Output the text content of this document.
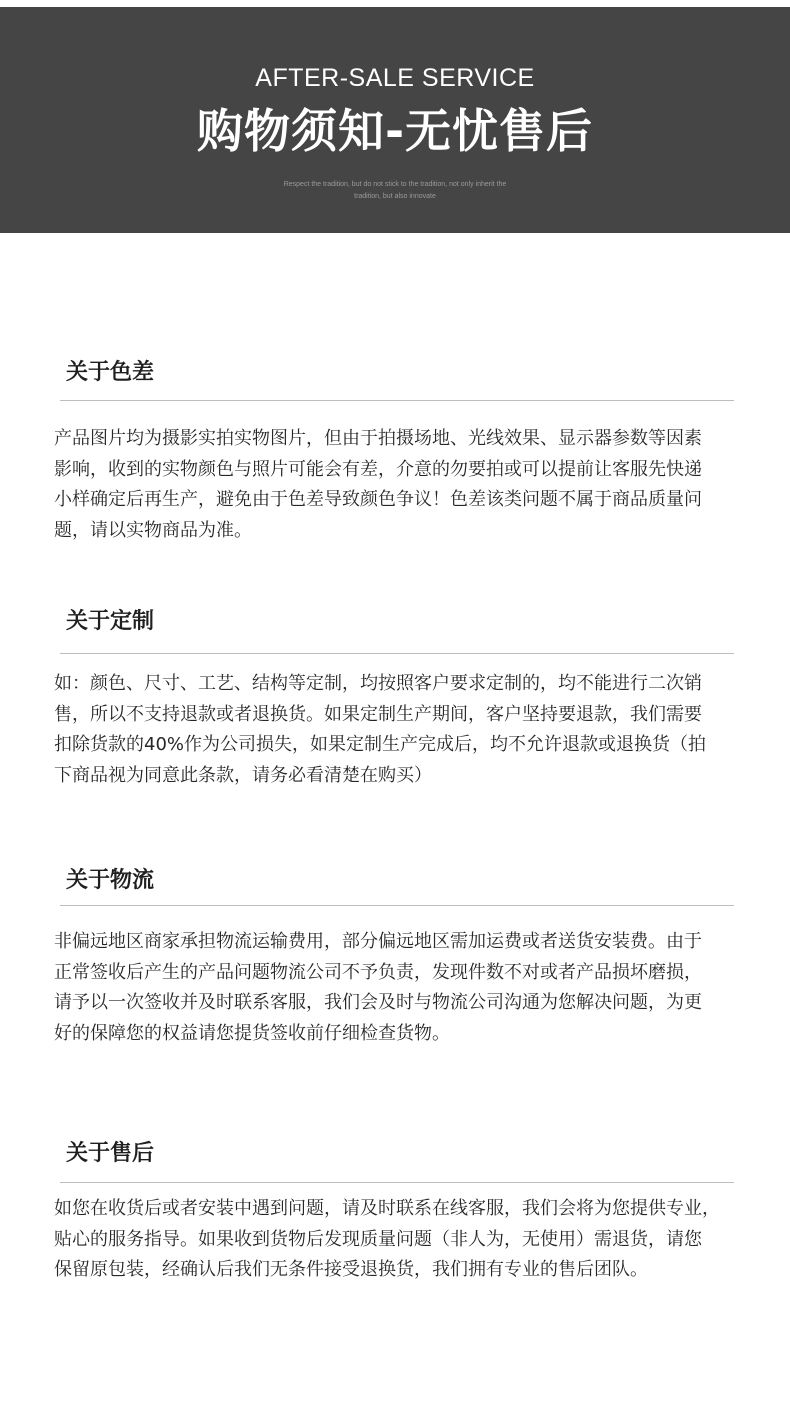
AFTER-SALE SERVICE
购物须知-无忧售后
Respect the tradition, but do not stick to the tradition, not only inherit the
tradition, but also innovate
关于色差
产品图片均为摄影实拍实物图片，但由于拍摄场地、光线效果、显示器参数等因素
影响，收到的实物颜色与照片可能会有差，介意的勿要拍或可以提前让客服先快递
小样确定后再生产，避免由于色差导致颜色争议！色差该类问题不属于商品质量问
题，请以实物商品为准。
关于定制
如：颜色、尺寸、工艺、结构等定制，均按照客户要求定制的，均不能进行二次销
售，所以不支持退款或者退换货。如果定制生产期间，客户坚持要退款，我们需要
扣除货款的40%作为公司损失，如果定制生产完成后，均不允许退款或退换货（拍
下商品视为同意此条款，请务必看清楚在购买）
关于物流
非偏远地区商家承担物流运输费用，部分偏远地区需加运费或者送货安装费。由于
正常签收后产生的产品问题物流公司不予负责，发现件数不对或者产品损坏磨损，
请予以一次签收并及时联系客服，我们会及时与物流公司沟通为您解决问题，为更
好的保障您的权益请您提货签收前仔细检查货物。
关于售后
如您在收货后或者安装中遇到问题，请及时联系在线客服，我们会将为您提供专业，
贴心的服务指导。如果收到货物后发现质量问题（非人为，无使用）需退货，请您
保留原包装，经确认后我们无条件接受退换货，我们拥有专业的售后团队。
